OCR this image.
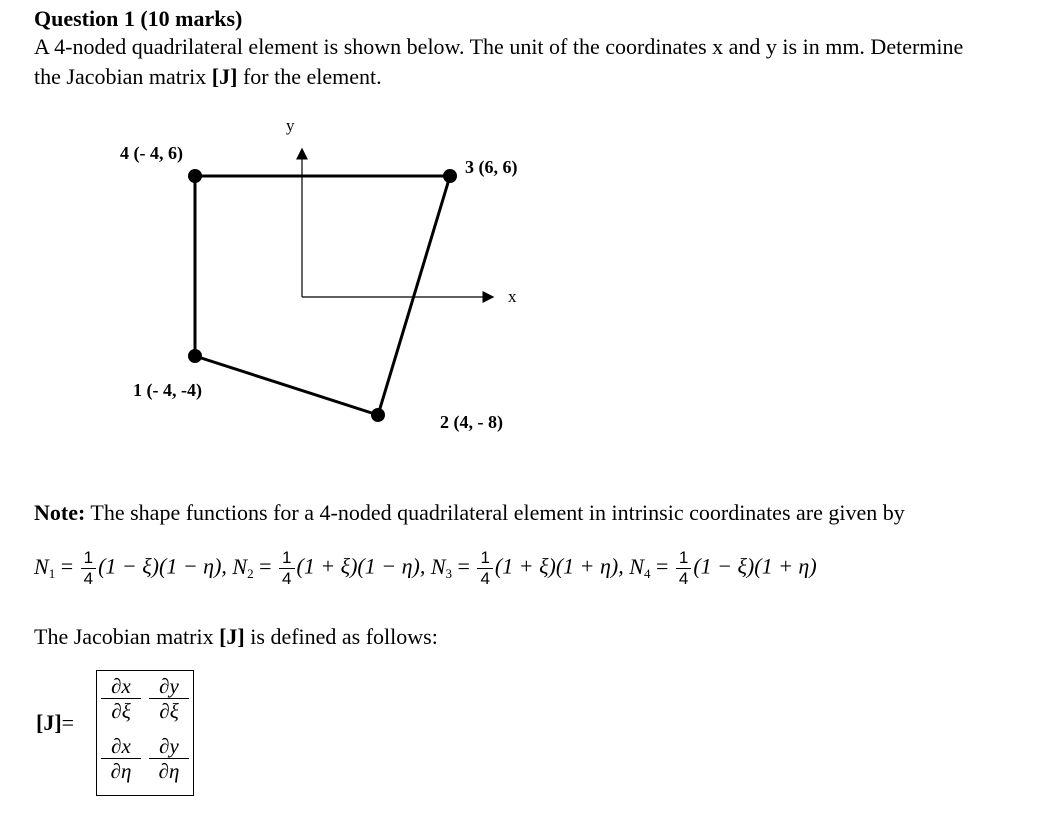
Question 1 (10 marks)
A 4-noded quadrilateral element is shown below. The unit of the coordinates x and y is in mm. Determine
the Jacobian matrix [J] for the element.
y
x
4 (- 4, 6)
3 (6, 6)
1 (- 4, -4)
2 (4, - 8)
Note: The shape functions for a 4-noded quadrilateral element in intrinsic coordinates are given by
$N_1 = \frac{1}{4} (1 - \xi)(1 - \eta)$, $N_2 = \frac{1}{4} (1 + \xi)(1 - \eta)$, $N_3 = \frac{1}{4} (1 + \xi)(1 + \eta)$, $N_4 = \frac{1}{4} (1 - \xi)(1 + \eta)$
The Jacobian matrix [J] is defined as follows:
[J]=
∂x
∂ξ
∂y
∂ξ
∂x
∂η
∂y
∂η
